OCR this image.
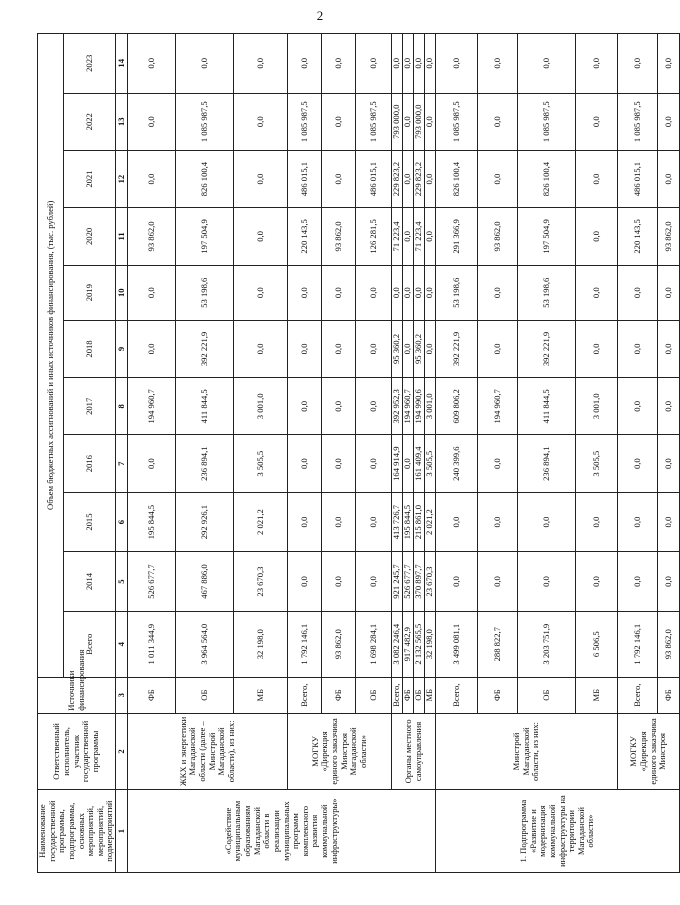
2
Наименование государственной программы, подпрограммы, основных мероприятий, мероприятий, подмероприятий	Ответственный исполнитель, участник государственной программы	Источники финансирования	Объем бюджетных ассигнований и иных источников финансирования, (тыс. рублей)										
			Всего	2014	2015	2016	2017	2018	2019	2020	2021	2022	2023

1	2	3	4	5	6	7	8	9	10	11	12	13	14
«Содействие муниципальным образованиям Магаданской области в реализации муниципальных программ комплексного развития коммунальной инфраструктуры»	ЖКХ и энергетики Магаданской области (далее – Минстрой Магаданской области), из них:	ФБ	1 011 344,9	526 677,7	195 844,5	0,0	194 960,7	0,0	0,0	93 862,0	0,0	0,0	0,0
		ОБ	3 964 564,0	467 886,0	292 926,1	236 894,1	411 844,5	392 221,9	53 198,6	197 504,9	826 100,4	1 085 987,5	0,0
		МБ	32 198,0	23 670,3	2 021,2	3 505,5	3 001,0	0,0	0,0	0,0	0,0	0,0	0,0
	МОГКУ «Дирекция единого заказчика Минстроя Магаданской области»	Всего,	1 792 146,1	0,0	0,0	0,0	0,0	0,0	0,0	220 143,5	486 015,1	1 085 987,5	0,0
		ФБ	93 862,0	0,0	0,0	0,0	0,0	0,0	0,0	93 862,0	0,0	0,0	0,0
		ОБ	1 698 284,1	0,0	0,0	0,0	0,0	0,0	0,0	126 281,5	486 015,1	1 085 987,5	0,0
	Органы местного самоуправления	Всего,	3 082 246,4	921 245,7	413 726,7	164 914,9	392 952,3	95 360,2	0,0	71 223,4	229 823,2	793 000,0	0,0
		ФБ	917 482,9	526 677,7	195 844,5	0,0	194 960,7	0,0	0,0	0,0	0,0	0,0	0,0
		ОБ	2 132 565,5	370 897,7	215 861,0	161 409,4	194 990,6	95 360,2	0,0	71 223,4	229 823,2	793 000,0	0,0
		МБ	32 198,0	23 670,3	2 021,2	3 505,5	3 001,0	0,0	0,0	0,0	0,0	0,0	0,0
1. Подпрограмма «Развитие и модернизация коммунальной инфраструктуры на территории Магаданской области»	Минстрой Магаданской области, из них:	Всего,	3 499 081,1	0,0	0,0	240 399,6	609 806,2	392 221,9	53 198,6	291 366,9	826 100,4	1 085 987,5	0,0
		ФБ	288 822,7	0,0	0,0	0,0	194 960,7	0,0	0,0	93 862,0	0,0	0,0	0,0
		ОБ	3 203 751,9	0,0	0,0	236 894,1	411 844,5	392 221,9	53 198,6	197 504,9	826 100,4	1 085 987,5	0,0
		МБ	6 506,5	0,0	0,0	3 505,5	3 001,0	0,0	0,0	0,0	0,0	0,0	0,0
	МОГКУ «Дирекция единого заказчика Минстроя	Всего,	1 792 146,1	0,0	0,0	0,0	0,0	0,0	0,0	220 143,5	486 015,1	1 085 987,5	0,0
		ФБ	93 862,0	0,0	0,0	0,0	0,0	0,0	0,0	93 862,0	0,0	0,0	0,0
